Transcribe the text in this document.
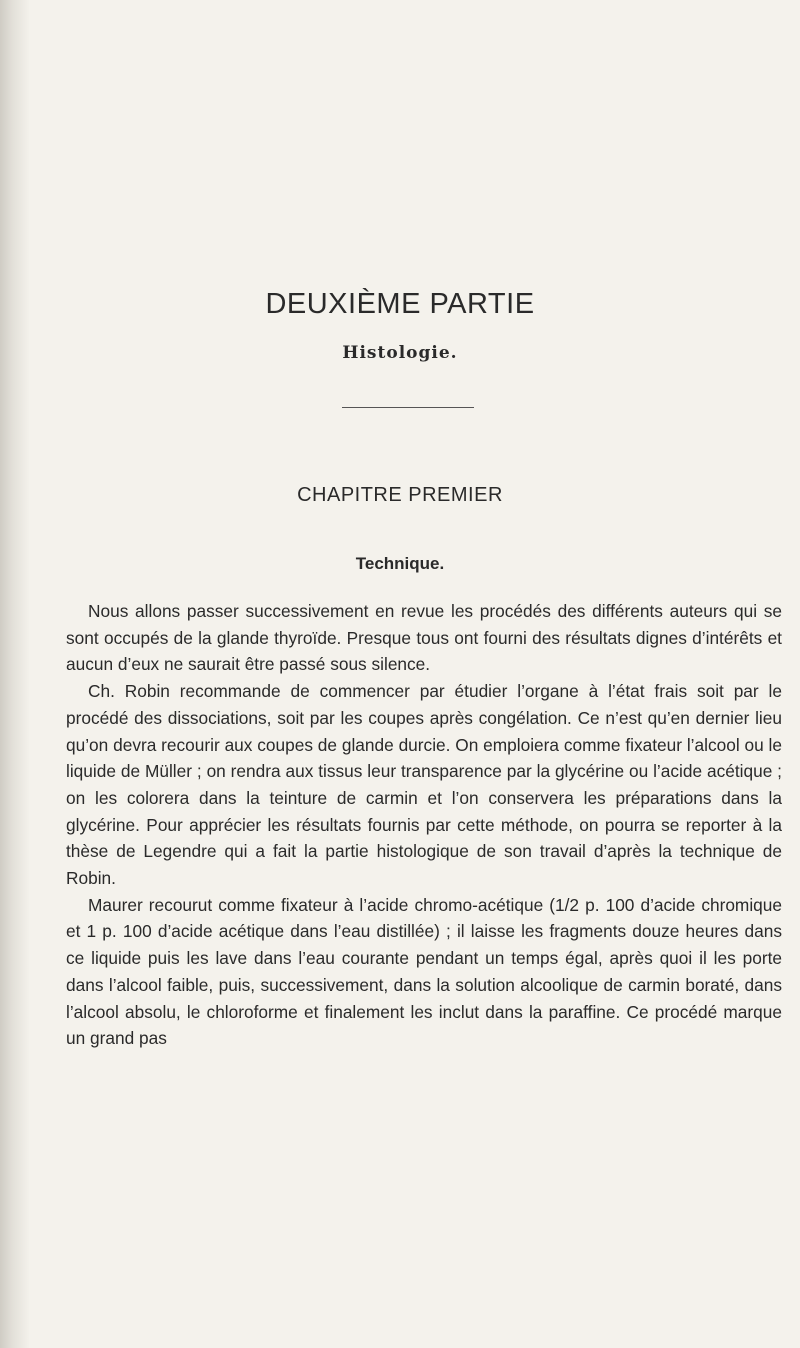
DEUXIÈME PARTIE
Histologie.
CHAPITRE PREMIER
Technique.

Nous allons passer successivement en revue les procédés des différents auteurs qui se sont occupés de la glande thyroïde. Presque tous ont fourni des résultats dignes d’intérêts et aucun d’eux ne saurait être passé sous silence.

Ch. Robin recommande de commencer par étudier l’organe à l’état frais soit par le procédé des dissociations, soit par les coupes après congélation. Ce n’est qu’en dernier lieu qu’on devra recourir aux coupes de glande durcie. On emploiera comme fixateur l’alcool ou le liquide de Müller ; on rendra aux tissus leur transparence par la glycérine ou l’acide acétique ; on les colorera dans la teinture de carmin et l’on conservera les préparations dans la glycérine. Pour apprécier les résultats fournis par cette méthode, on pourra se reporter à la thèse de Legendre qui a fait la partie histologique de son travail d’après la technique de Robin.

Maurer recourut comme fixateur à l’acide chromo-acétique (1/2 p. 100 d’acide chromique et 1 p. 100 d’acide acétique dans l’eau distillée) ; il laisse les fragments douze heures dans ce liquide puis les lave dans l’eau courante pendant un temps égal, après quoi il les porte dans l’alcool faible, puis, successivement, dans la solution alcoolique de carmin boraté, dans l’alcool absolu, le chloroforme et finalement les inclut dans la paraffine. Ce procédé marque un grand pas
